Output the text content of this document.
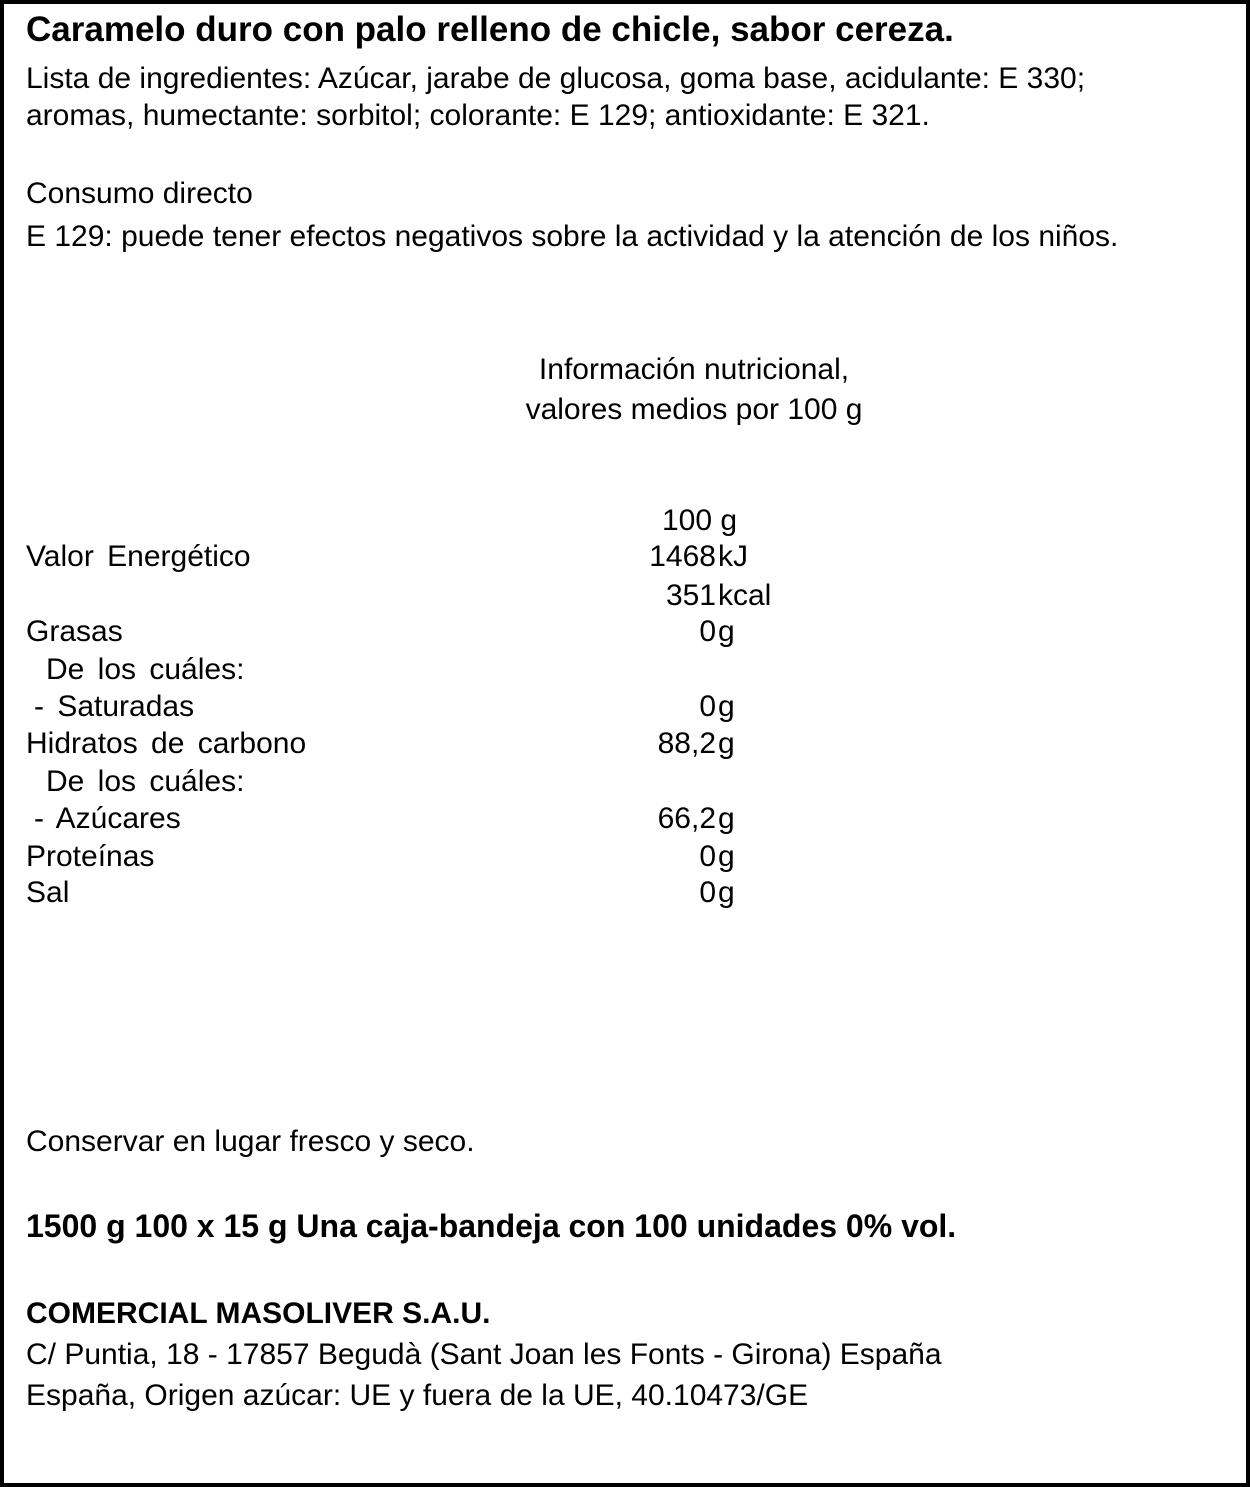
Caramelo duro con palo relleno de chicle, sabor cereza.
Lista de ingredientes: Azúcar, jarabe de glucosa, goma base, acidulante: E 330;
aromas, humectante: sorbitol; colorante: E 129; antioxidante: E 321.
Consumo directo
E 129: puede tener efectos negativos sobre la actividad y la atención de los niños.
Información nutricional,
valores medios por 100 g
100 g
Valor Energético	1468 kJ
351 kcal
Grasas	0 g
De los cuáles:
- Saturadas	0 g
Hidratos de carbono	88,2 g
De los cuáles:
- Azúcares	66,2 g
Proteínas	0 g
Sal	0 g
Conservar en lugar fresco y seco.
1500 g 100 x 15 g Una caja-bandeja con 100 unidades 0% vol.
COMERCIAL MASOLIVER S.A.U.
C/ Puntia, 18 - 17857 Begudà (Sant Joan les Fonts - Girona) España
España, Origen azúcar: UE y fuera de la UE, 40.10473/GE
